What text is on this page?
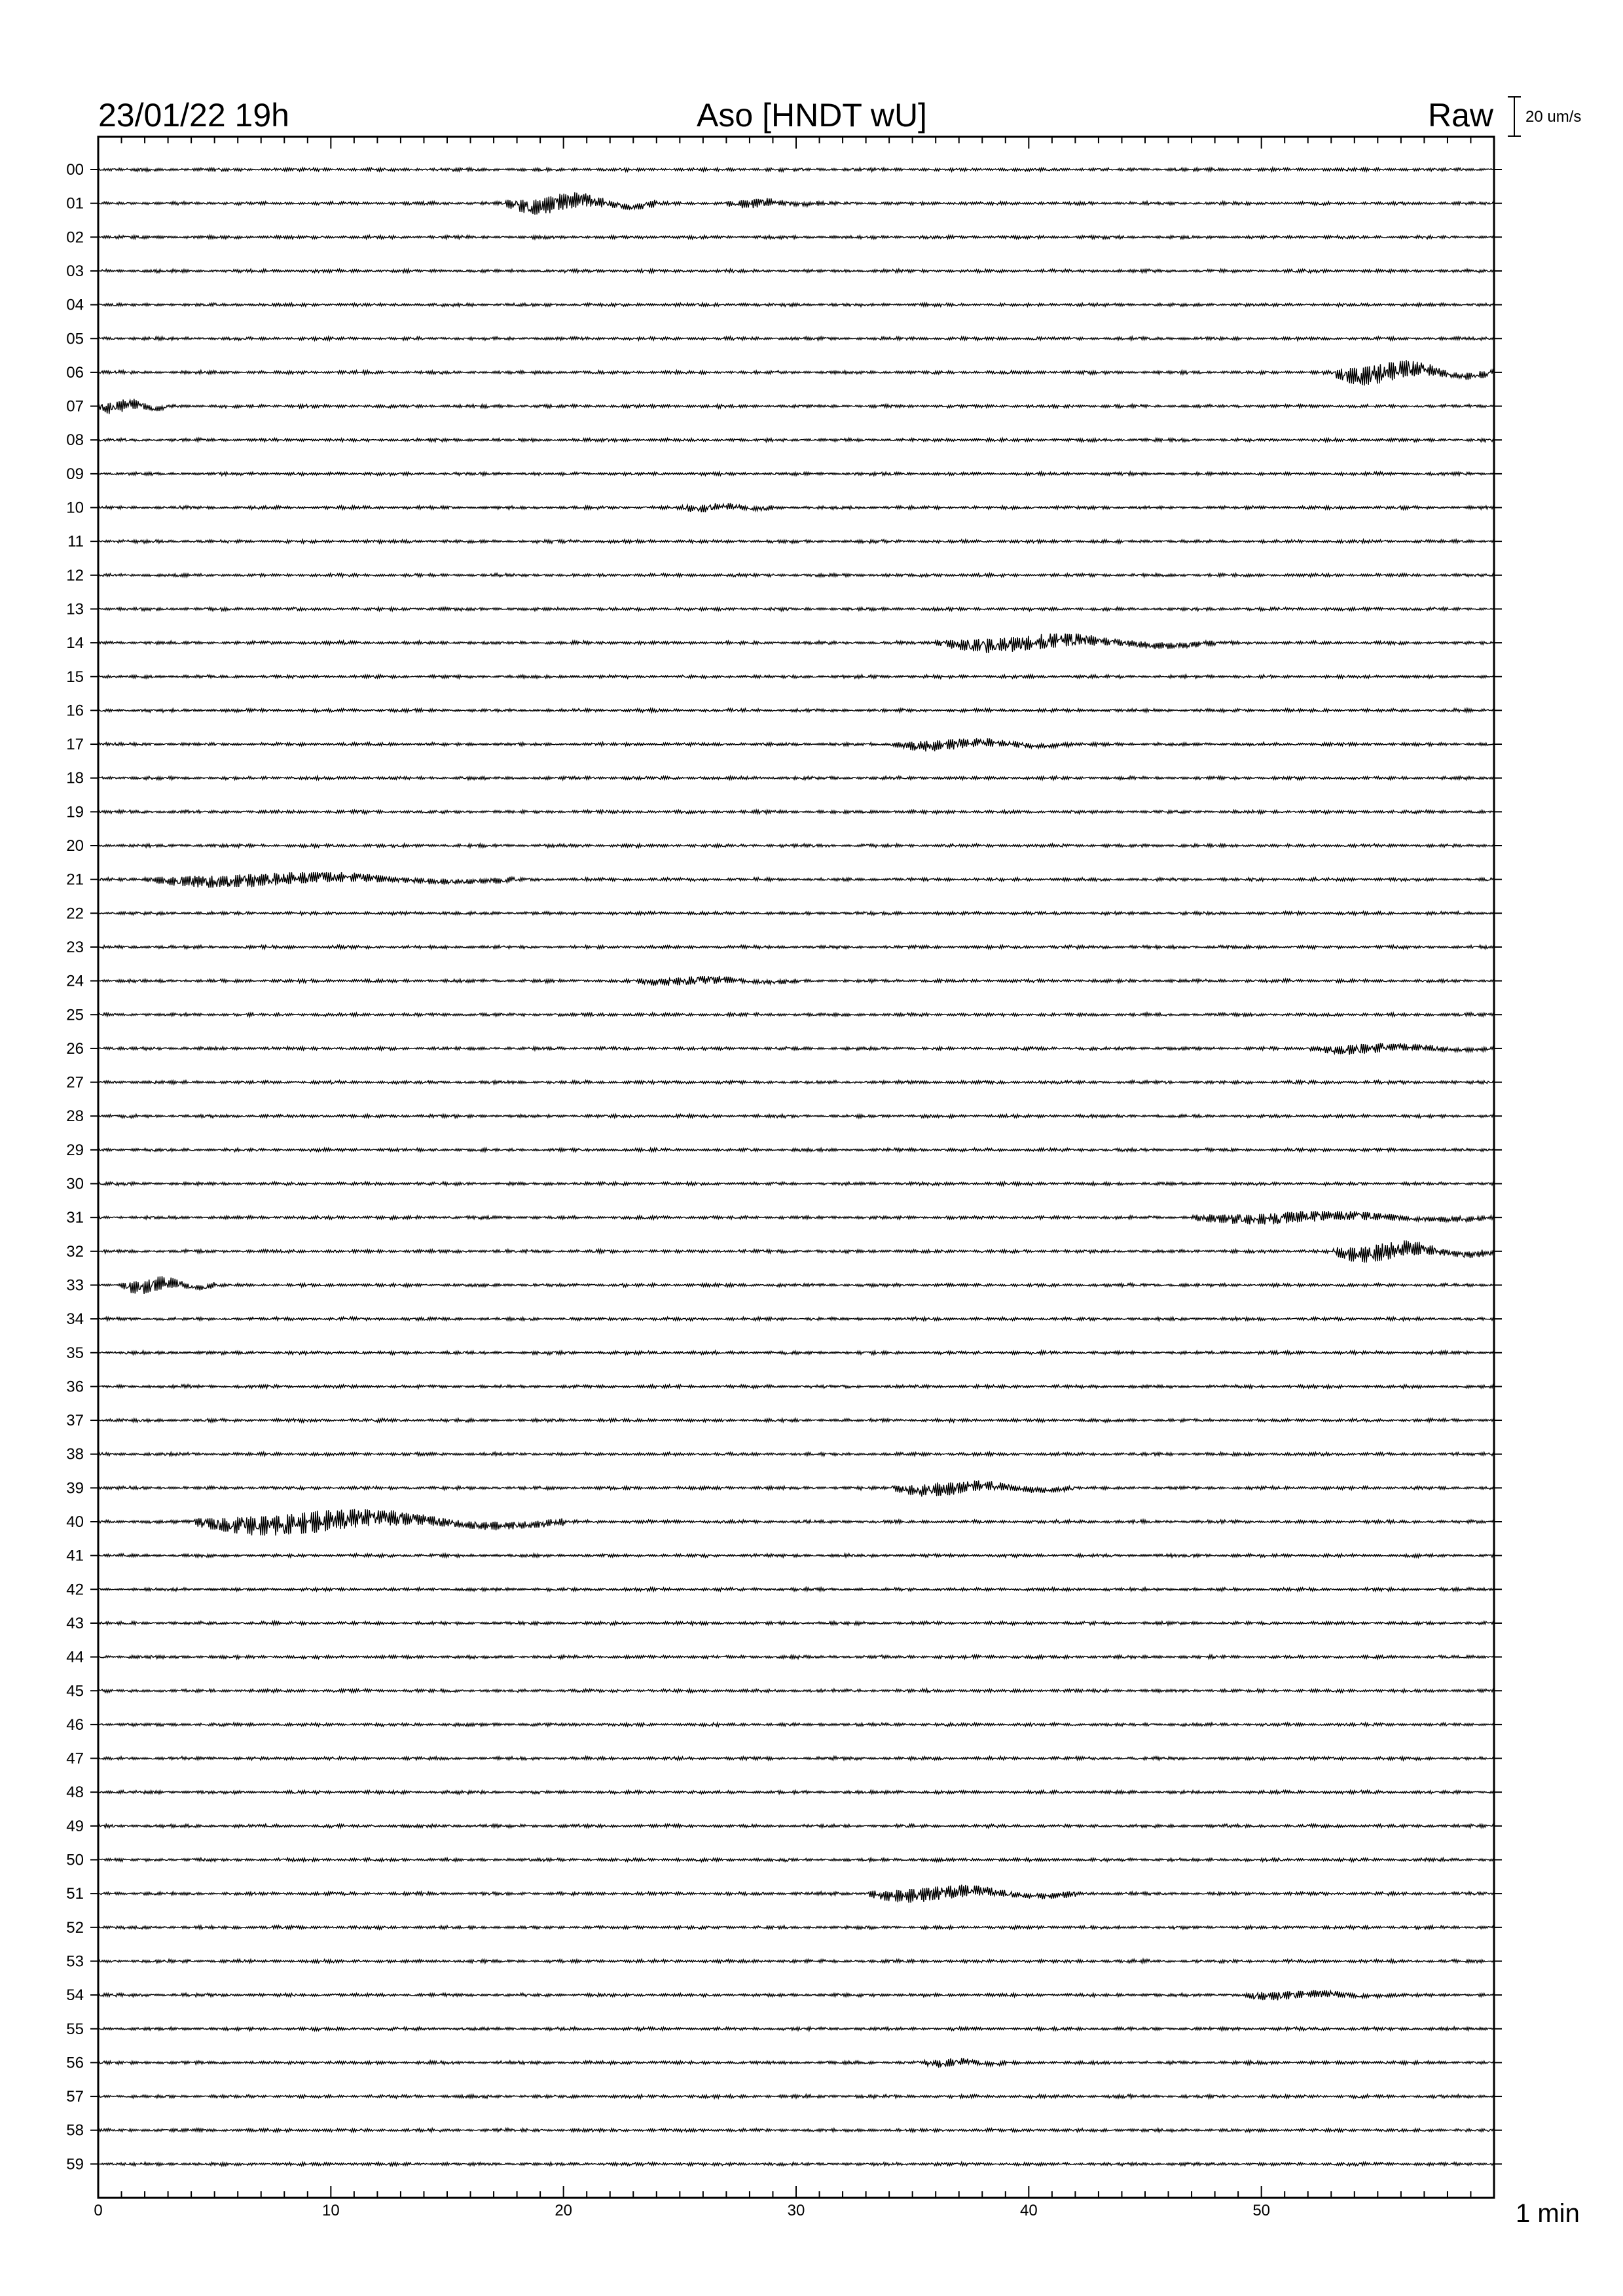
23/01/22 19h	Aso [HNDT wU]	Raw 20 um/s
00
01
02
03
04
05
06
07
08
09
10
11
12
13
14
15
16
17
18
19
20
21
22
23
24
25
26
27
28
29
30
31
32
33
34
35
36
37
38
39
40
41
42
43
44
45
46
47
48
49
50
51
52
53
54
55
56
57
58
59
0	10	20	30	40	50	1 min
